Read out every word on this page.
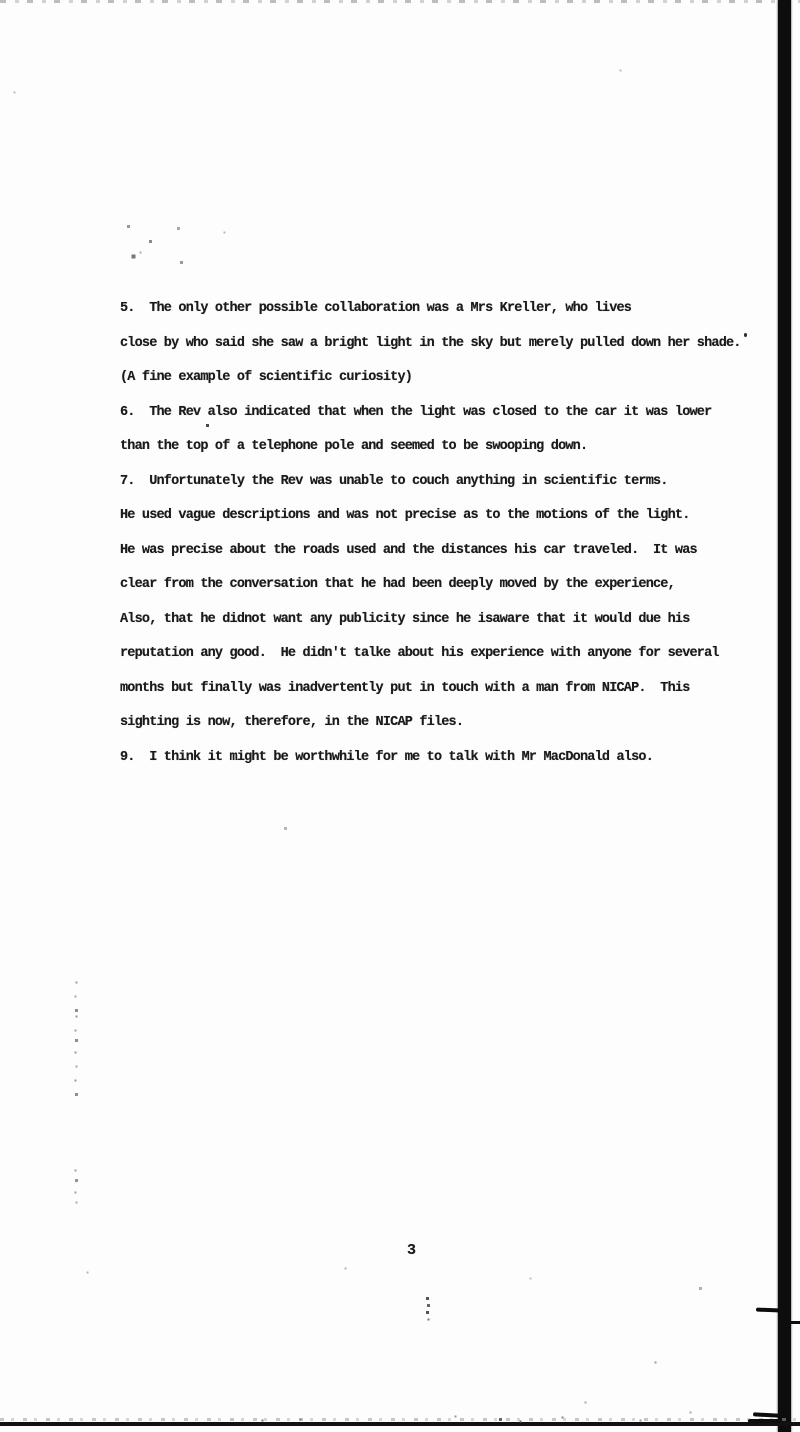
5.  The only other possible collaboration was a Mrs Kreller, who lives
close by who said she saw a bright light in the sky but merely pulled down her shade.
(A fine example of scientific curiosity)
6.  The Rev also indicated that when the light was closed to the car it was lower
than the top of a telephone pole and seemed to be swooping down.
7.  Unfortunately the Rev was unable to couch anything in scientific terms.
He used vague descriptions and was not precise as to the motions of the light.
He was precise about the roads used and the distances his car traveled.  It was
clear from the conversation that he had been deeply moved by the experience,
Also, that he didnot want any publicity since he isaware that it would due his
reputation any good.  He didn't talke about his experience with anyone for several
months but finally was inadvertently put in touch with a man from NICAP.  This
sighting is now, therefore, in the NICAP files.
9.  I think it might be worthwhile for me to talk with Mr MacDonald also.
3
